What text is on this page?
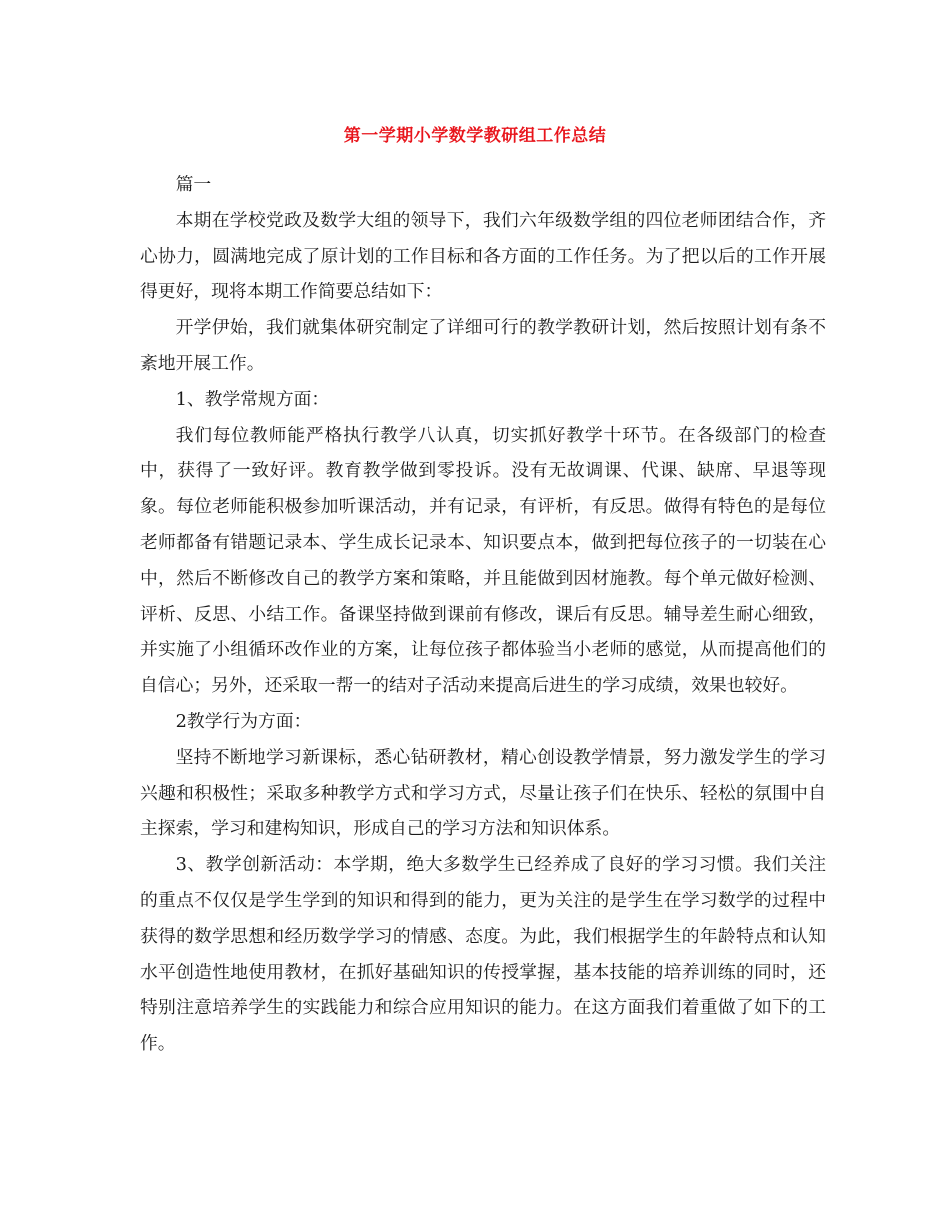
第一学期小学数学教研组工作总结

篇一

本期在学校党政及数学大组的领导下，我们六年级数学组的四位老师团结合作，齐心协力，圆满地完成了原计划的工作目标和各方面的工作任务。为了把以后的工作开展得更好，现将本期工作简要总结如下：

开学伊始，我们就集体研究制定了详细可行的教学教研计划，然后按照计划有条不紊地开展工作。

1、教学常规方面：

我们每位教师能严格执行教学八认真，切实抓好教学十环节。在各级部门的检查中，获得了一致好评。教育教学做到零投诉。没有无故调课、代课、缺席、早退等现象。每位老师能积极参加听课活动，并有记录，有评析，有反思。做得有特色的是每位老师都备有错题记录本、学生成长记录本、知识要点本，做到把每位孩子的一切装在心中，然后不断修改自己的教学方案和策略，并且能做到因材施教。每个单元做好检测、评析、反思、小结工作。备课坚持做到课前有修改，课后有反思。辅导差生耐心细致，并实施了小组循环改作业的方案，让每位孩子都体验当小老师的感觉，从而提高他们的自信心；另外，还采取一帮一的结对子活动来提高后进生的学习成绩，效果也较好。

2教学行为方面：

坚持不断地学习新课标，悉心钻研教材，精心创设教学情景，努力激发学生的学习兴趣和积极性；采取多种教学方式和学习方式，尽量让孩子们在快乐、轻松的氛围中自主探索，学习和建构知识，形成自己的学习方法和知识体系。

3、教学创新活动：本学期，绝大多数学生已经养成了良好的学习习惯。我们关注的重点不仅仅是学生学到的知识和得到的能力，更为关注的是学生在学习数学的过程中获得的数学思想和经历数学学习的情感、态度。为此，我们根据学生的年龄特点和认知水平创造性地使用教材，在抓好基础知识的传授掌握，基本技能的培养训练的同时，还特别注意培养学生的实践能力和综合应用知识的能力。在这方面我们着重做了如下的工作。
